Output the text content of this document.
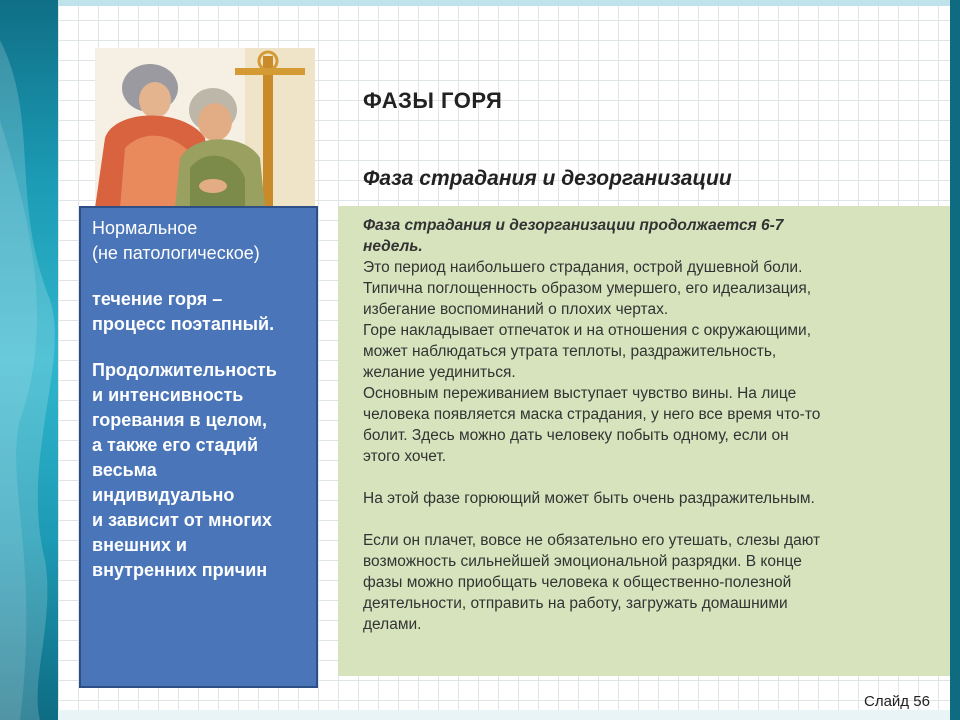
ФАЗЫ ГОРЯ
Фаза страдания и дезорганизации

Нормальное

(не патологическое)

течение горя –

процесс поэтапный.

Продолжительность

и интенсивность

горевания в целом,

а также его стадий

весьма

индивидуально

и зависит от многих

внешних и

внутренних причин

Фаза страдания и дезорганизации продолжается 6-7

недель.

Это период наибольшего страдания, острой душевной боли.

Типична поглощенность образом умершего, его идеализация,

избегание воспоминаний о плохих чертах.

Горе накладывает отпечаток и на отношения с окружающими,

может наблюдаться утрата теплоты, раздражительность,

желание уединиться.

Основным переживанием выступает чувство вины. На лице

человека появляется маска страдания, у него все время что-то

болит. Здесь можно дать человеку побыть одному, если он

этого хочет.

На этой фазе горюющий может быть очень раздражительным.

Если он плачет, вовсе не обязательно его утешать, слезы дают

возможность сильнейшей эмоциональной разрядки. В конце

фазы можно приобщать человека к общественно-полезной

деятельности, отправить на работу, загружать домашними

делами.

Слайд 56
